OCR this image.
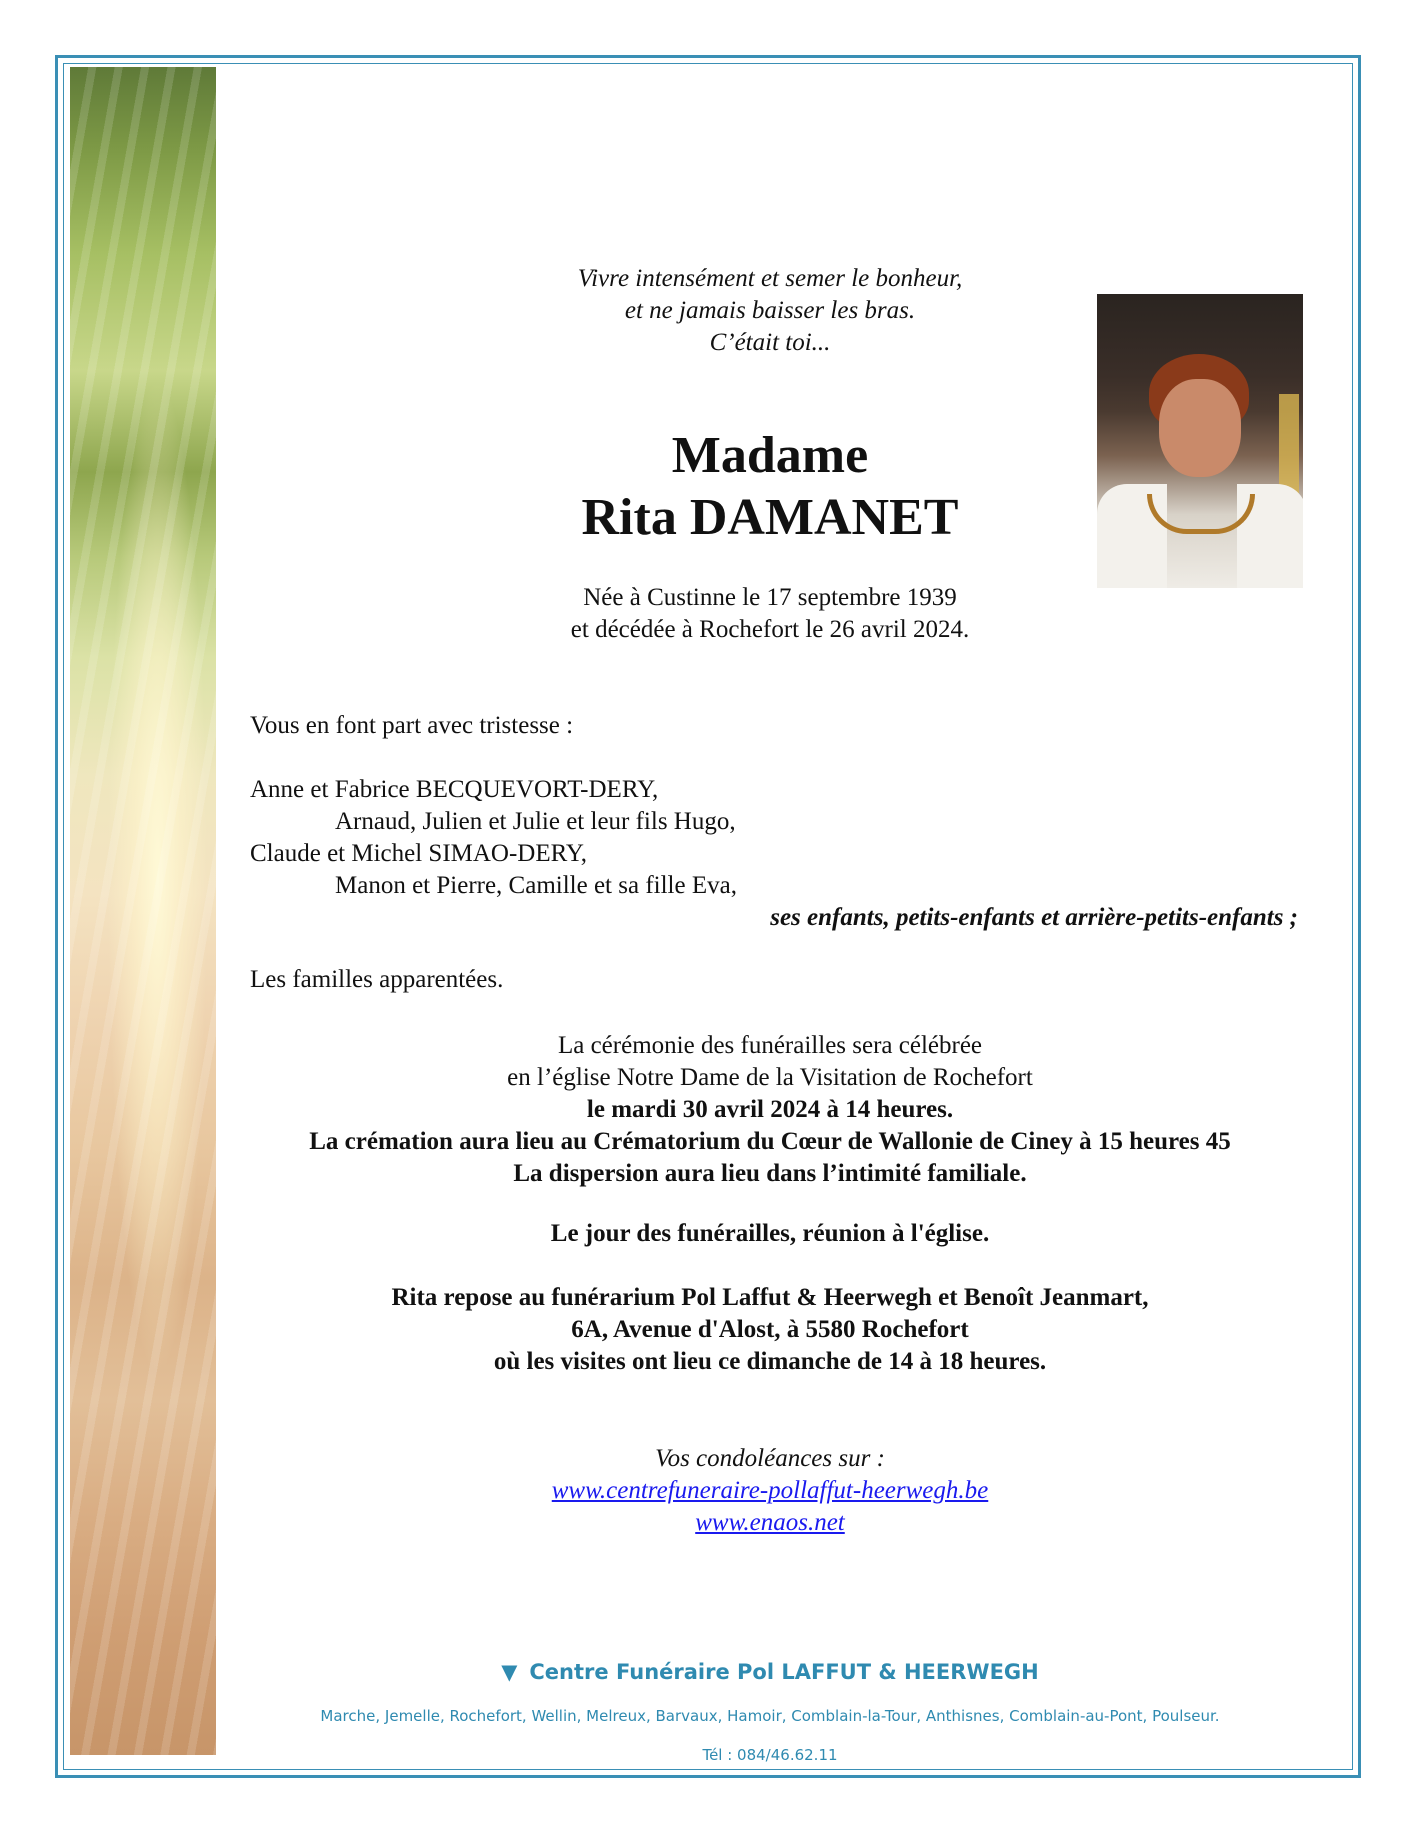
Vivre intensément et semer le bonheur,
et ne jamais baisser les bras.
C’était toi...
Madame
Rita DAMANET
Née à Custinne le 17 septembre 1939
et décédée à Rochefort le 26 avril 2024.
Vous en font part avec tristesse :
Anne et Fabrice BECQUEVORT-DERY,
Arnaud, Julien et Julie et leur fils Hugo,
Claude et Michel SIMAO-DERY,
Manon et Pierre, Camille et sa fille Eva,
ses enfants, petits-enfants et arrière-petits-enfants ;
Les familles apparentées.
La cérémonie des funérailles sera célébrée
en l’église Notre Dame de la Visitation de Rochefort
le mardi 30 avril 2024 à 14 heures.
La crémation aura lieu au Crématorium du Cœur de Wallonie de Ciney à 15 heures 45
La dispersion aura lieu dans l’intimité familiale.
Le jour des funérailles, réunion à l'église.
Rita repose au funérarium Pol Laffut & Heerwegh et Benoît Jeanmart,
6A, Avenue d'Alost, à 5580 Rochefort
où les visites ont lieu ce dimanche de 14 à 18 heures.
Vos condoléances sur :
www.centrefuneraire-pollaffut-heerwegh.be
www.enaos.net
▼ Centre Funéraire Pol LAFFUT & HEERWEGH
Marche, Jemelle, Rochefort, Wellin, Melreux, Barvaux, Hamoir, Comblain-la-Tour, Anthisnes, Comblain-au-Pont, Poulseur.
Tél : 084/46.62.11
